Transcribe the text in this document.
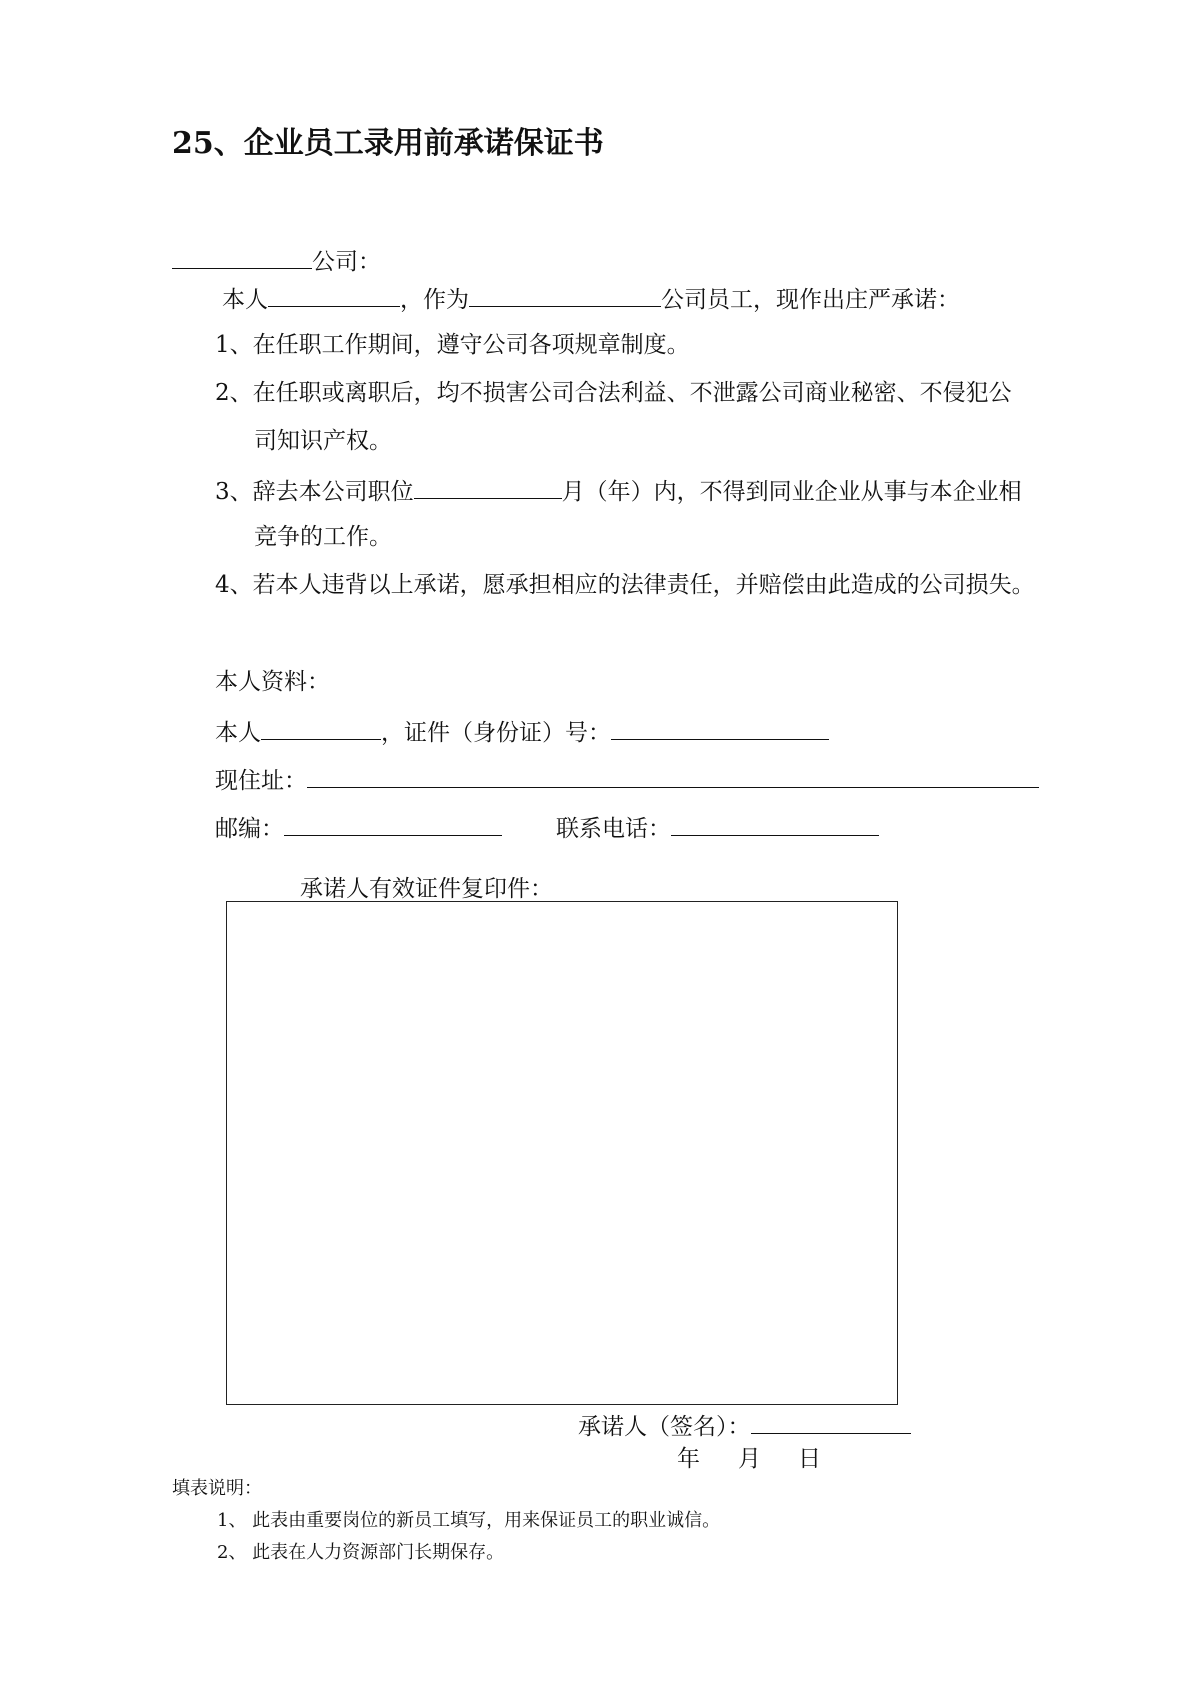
25、企业员工录用前承诺保证书
公司：
本人	，作为	公司员工，现作出庄严承诺：
1、在任职工作期间，遵守公司各项规章制度。
2、在任职或离职后，均不损害公司合法利益、不泄露公司商业秘密、不侵犯公
司知识产权。
3、辞去本公司职位	月（年）内，不得到同业企业从事与本企业相
竞争的工作。
4、若本人违背以上承诺，愿承担相应的法律责任，并赔偿由此造成的公司损失。
本人资料：
本人	，证件（身份证）号：
现住址：
邮编：	联系电话：
承诺人有效证件复印件：
承诺人（签名）：
年 月 日
填表说明：
1、 此表由重要岗位的新员工填写，用来保证员工的职业诚信。
2、 此表在人力资源部门长期保存。
